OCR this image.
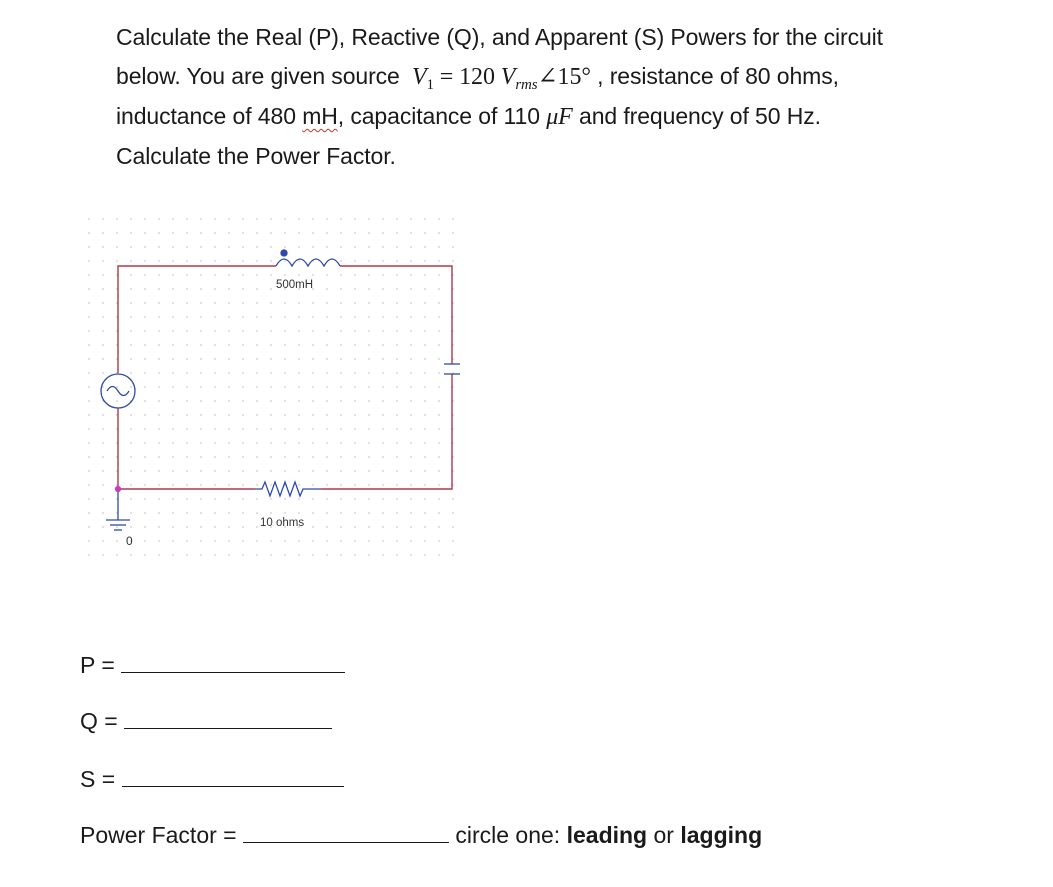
Calculate the Real (P), Reactive (Q), and Apparent (S) Powers for the circuit
below. You are given source $V_1 = 120$ $V_{rms}\angle 15^\circ$ , resistance of 80 ohms,
inductance of 480 mH, capacitance of 110 μF and frequency of 50 Hz.
Calculate the Power Factor.
500mH
10 ohms
0
P =
Q =
S =
Power Factor =	circle one: leading or lagging
